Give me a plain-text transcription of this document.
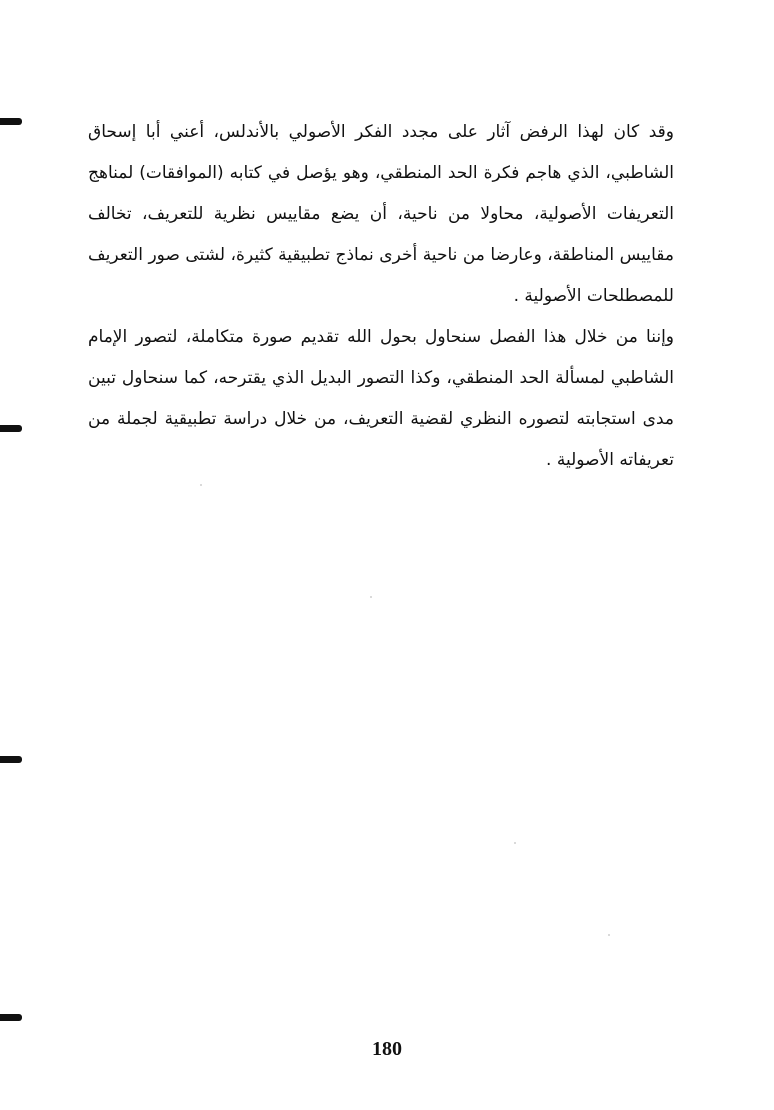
وقد كان لهذا الرفض آثار على مجدد الفكر الأصولي بالأندلس، أعني أبا إسحاق الشاطبي، الذي هاجم فكرة الحد المنطقي، وهو يؤصل في كتابه (الموافقات) لمناهج التعريفات الأصولية، محاولا من ناحية، أن يضع مقاييس نظرية للتعريف، تخالف مقاييس المناطقة، وعارضا من ناحية أخرى نماذج تطبيقية كثيرة، لشتى صور التعريف للمصطلحات الأصولية .

وإننا من خلال هذا الفصل سنحاول بحول الله تقديم صورة متكاملة، لتصور الإمام الشاطبي لمسألة الحد المنطقي، وكذا التصور البديل الذي يقترحه، كما سنحاول تبين مدى استجابته لتصوره النظري لقضية التعريف، من خلال دراسة تطبيقية لجملة من تعريفاته الأصولية .

180
